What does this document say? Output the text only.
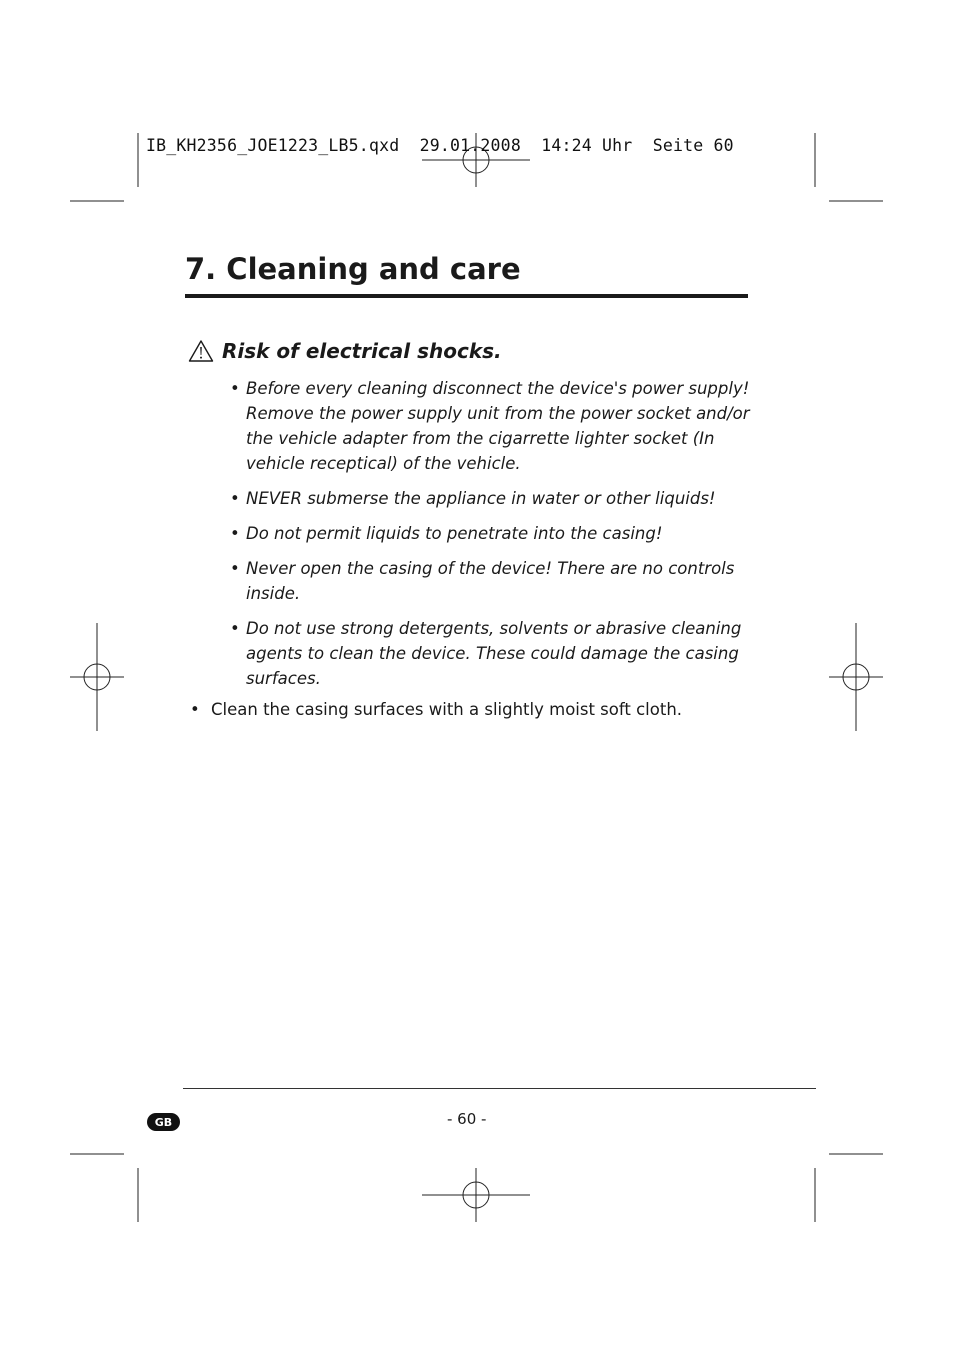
IB_KH2356_JOE1223_LB5.qxd  29.01.2008  14:24 Uhr  Seite 60
7. Cleaning and care
Risk of electrical shocks.
• Before every cleaning disconnect the device's power supply! Remove the power supply unit from the power socket and/or the vehicle adapter from the cigarrette lighter socket (In vehicle receptical) of the vehicle.
• NEVER submerse the appliance in water or other liquids!
• Do not permit liquids to penetrate into the casing!
• Never open the casing of the device! There are no controls inside.
• Do not use strong detergents, solvents or abrasive cleaning agents to clean the device. These could damage the casing surfaces.
• Clean the casing surfaces with a slightly moist soft cloth.
GB	- 60 -
